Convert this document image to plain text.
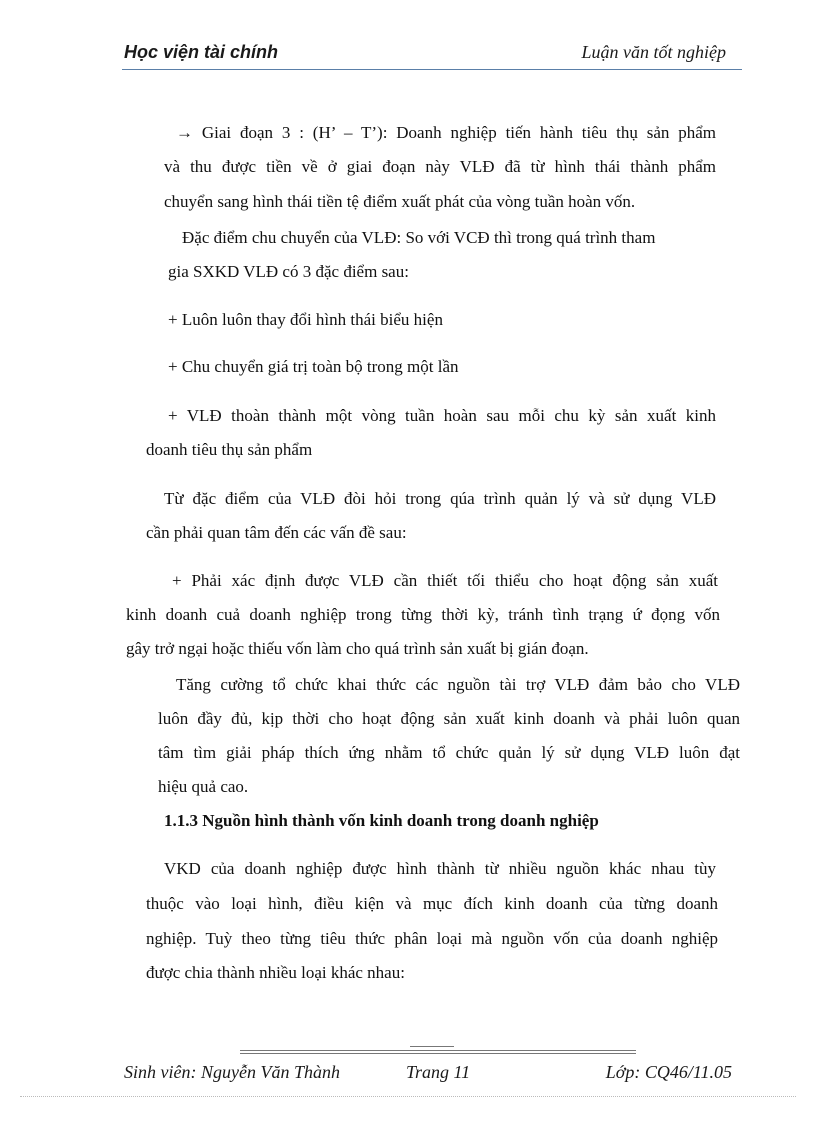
Học viện tài chính	Luận văn tốt nghiệp
→ Giai đoạn 3 : (H’ – T’): Doanh nghiệp tiến hành tiêu thụ sản phẩm
và thu được tiền về ở giai đoạn này VLĐ đã từ hình thái thành phẩm
chuyển sang hình thái tiền tệ điểm xuất phát của vòng tuần hoàn vốn.
Đặc điểm chu chuyển của VLĐ: So với VCĐ thì trong quá trình tham
gia SXKD VLĐ có 3 đặc điểm sau:
+ Luôn luôn thay đổi hình thái biểu hiện
+ Chu chuyển giá trị toàn bộ trong một lần
+ VLĐ thoàn thành một vòng tuần hoàn sau mỗi chu kỳ sản xuất kinh
doanh tiêu thụ sản phẩm
Từ đặc điểm của VLĐ đòi hỏi trong qúa trình quản lý và sử dụng VLĐ
cần phải quan tâm đến các vấn đề sau:
+ Phải xác định được VLĐ cần thiết tối thiểu cho hoạt động sản xuất
kinh doanh cuả doanh nghiệp trong từng thời kỳ, tránh tình trạng ứ đọng vốn
gây trở ngại hoặc thiếu vốn làm cho quá trình sản xuất bị gián đoạn.
Tăng cường tổ chức khai thức các nguồn tài trợ VLĐ đảm bảo cho VLĐ
luôn đầy đủ, kịp thời cho hoạt động sản xuất kinh doanh và phải luôn quan
tâm tìm giải pháp thích ứng nhằm tổ chức quản lý sử dụng VLĐ luôn đạt
hiệu quả cao.
1.1.3 Nguồn hình thành vốn kinh doanh trong doanh nghiệp
VKD của doanh nghiệp được hình thành từ nhiều nguồn khác nhau tùy
thuộc vào loại hình, điều kiện và mục đích kinh doanh của từng doanh
nghiệp. Tuỳ theo từng tiêu thức phân loại mà nguồn vốn của doanh nghiệp
được chia thành nhiều loại khác nhau:
Sinh viên: Nguyễn Văn Thành	Trang 11	Lớp: CQ46/11.05
